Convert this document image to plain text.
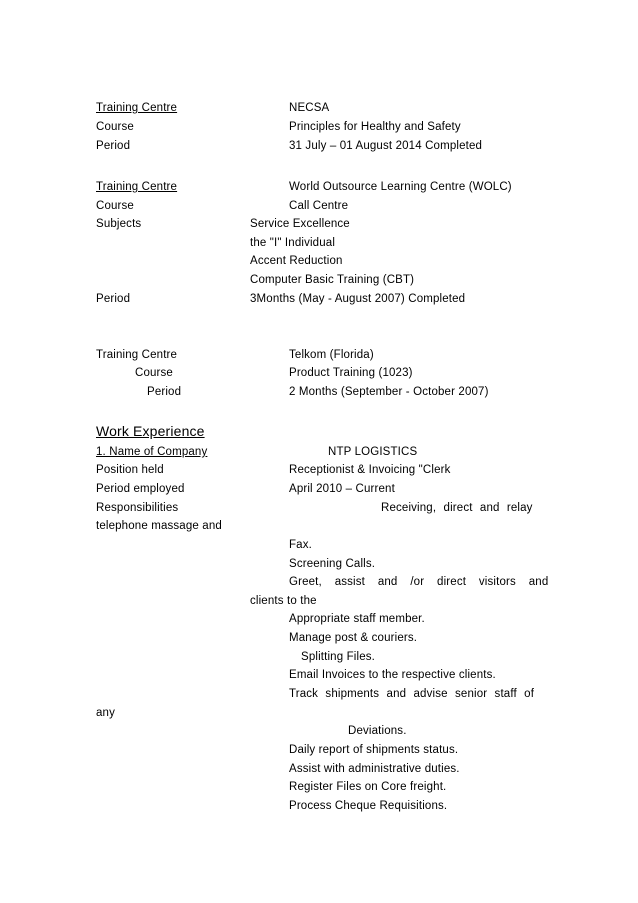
Training Centre	NECSA
Course	Principles for Healthy and Safety
Period	31 July – 01 August 2014 Completed
Training Centre	World Outsource Learning Centre (WOLC)
Course	Call Centre
Subjects	Service Excellence
the "I" Individual
Accent Reduction
Computer Basic Training (CBT)
Period	3Months (May - August 2007) Completed
Training Centre	Telkom (Florida)
Course	Product Training (1023)
Period	2 Months (September - October 2007)
Work Experience
1. Name of Company	NTP LOGISTICS
Position held	Receptionist & Invoicing "Clerk
Period employed	April 2010 – Current
Responsibilities	Receiving, direct and relay
telephone massage and
Fax.
Screening Calls.
Greet, assist and /or direct visitors and
clients to the
Appropriate staff member.
Manage post & couriers.
Splitting Files.
Email Invoices to the respective clients.
Track shipments and advise senior staff of
any
Deviations.
Daily report of shipments status.
Assist with administrative duties.
Register Files on Core freight.
Process Cheque Requisitions.
